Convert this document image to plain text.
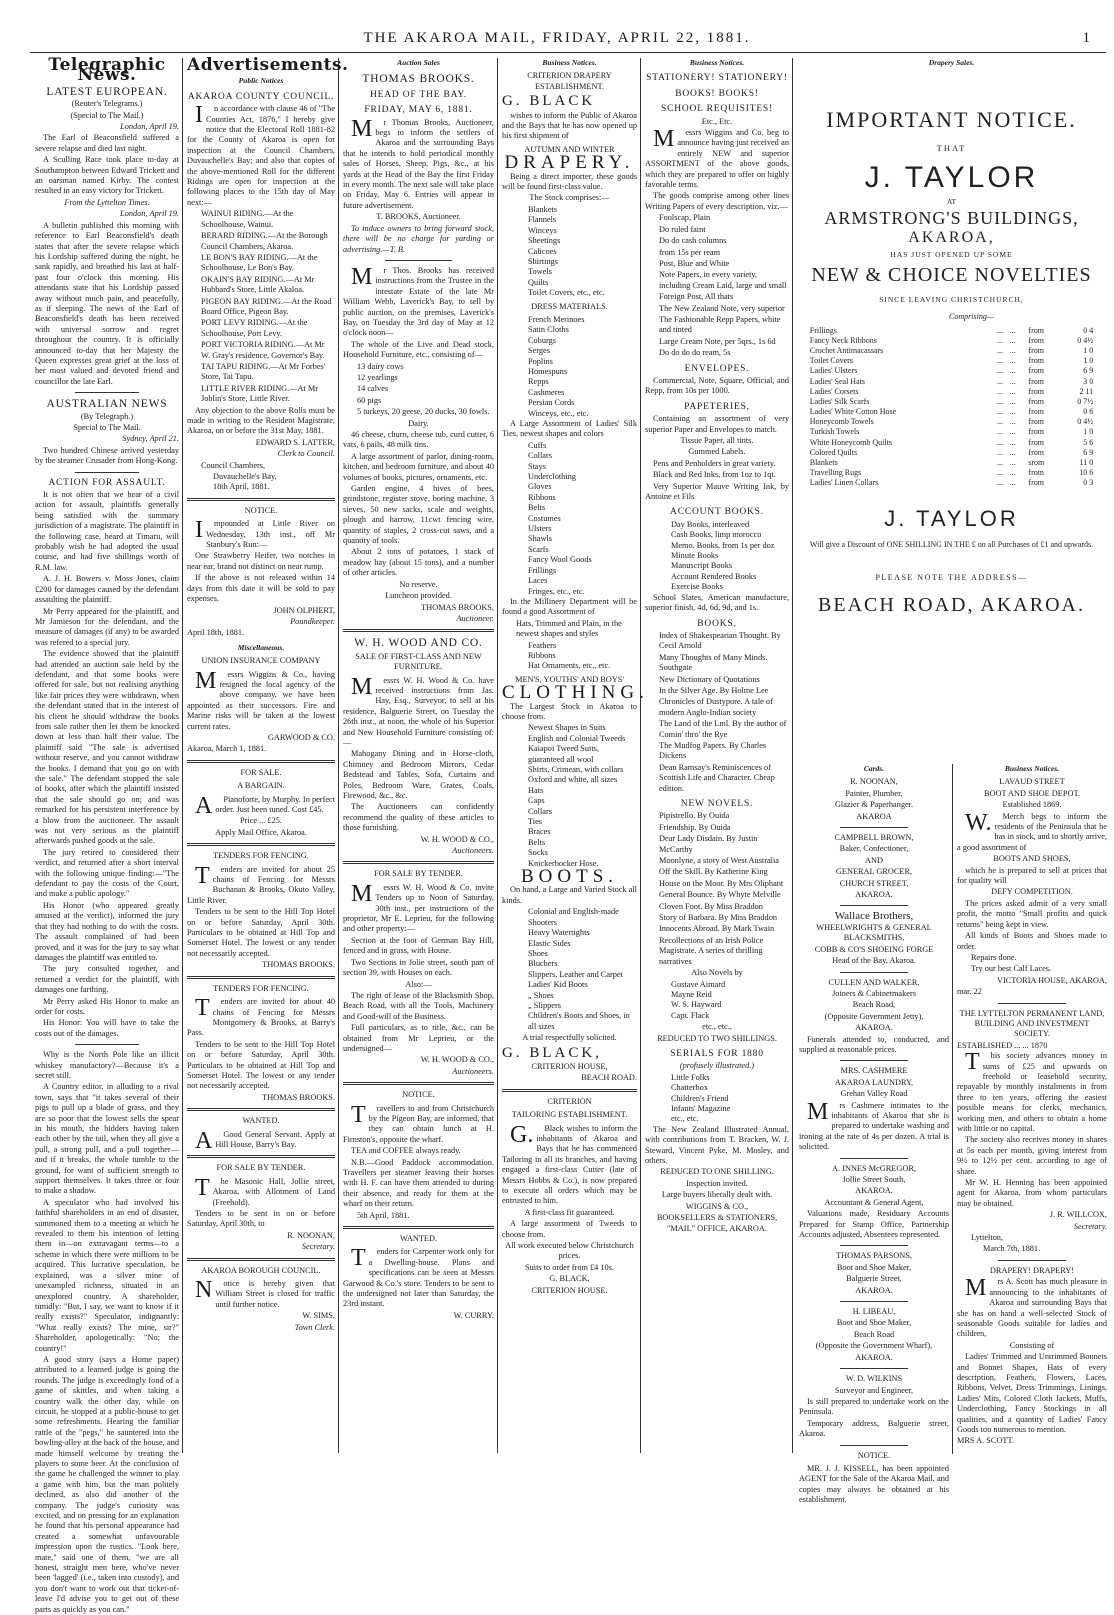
THE AKAROA MAIL, FRIDAY, APRIL 22, 1881.	1
Telegraphic News.
LATEST EUROPEAN.
(Reuter's Telegrams.)
(Special to The Mail.)
London, April 19.

The Earl of Beaconsfield suffered a severe relapse and died last night.

A Sculling Race took place to-day at Southampton between Edward Trickett and an oarsman named Kirby. The contest resulted in an easy victory for Trickett.

From the Lyttelton Times.
London, April 19.

A bulletin published this morning with reference to Earl Beaconsfield's death states that after the severe relapse which his Lordship suffered during the night, he sank rapidly, and breathed his last at half-past four o'clock this morning. His attendants state that his Lordship passed away without much pain, and peacefully, as if sleeping. The news of the Earl of Beaconsfield's death has been received with universal sorrow and regret throughout the country. It is officially announced to-day that her Majesty the Queen expresses great grief at the loss of her most valued and devoted friend and councillor the late Earl.

AUSTRALIAN NEWS
(By Telegraph.)
Special to The Mail.
Sydney, April 21.

Two hundred Chinese arrived yesterday by the steamer Crusader from Hong-Kong.

ACTION FOR ASSAULT.

It is not often that we hear of a civil action for assault, plaintiffs generally being satisfied with the summary jurisdiction of a magistrate. The plaintiff in the following case, heard at Timaru, will probably wish he had adopted the usual course, and had five shillings worth of R.M. law.

A. J. H. Bowers v. Moss Jones, claim £200 for damages caused by the defendant assaulting the plaintiff.

Mr Perry appeared for the plaintiff, and Mr Jamieson for the defendant, and the measure of damages (if any) to be awarded was refered to a special jury.

The evidence showed that the plaintiff had attended an auction sale held by the defendant, and that some books were offered for sale, but not realising anything like fair prices they were withdrawn, when the defendant stated that in the interest of his client he should withdraw the books from sale rather then let them be knocked down at less than half their value. The plaintiff said "The sale is advertised without reserve, and you cannot withdraw the books. I demand that you go on with the sale." The defendant stopped the sale of books, after which the plaintiff insisted that the sale should go on; and was remarked for his persistent interference by a blow from the auctioneer. The assault was not very serious as the plaintiff afterwards pushed goods at the sale.

The jury retired to considered their verdict, and returned after a short interval with the following unique finding:—"The defendant to pay the costs of the Court, and make a public apology."

His Honor (who appeared greatly amused at the verdict), informed the jury that they had nothing to do with the costs. The assault complained of had been proved, and it was for the jury to say what damages the plaintiff was entitled to.

The jury consulted together, and returned a verdict for the plaintiff, with damages one farthing.

Mr Perry asked His Honor to make an order for costs.

His Honor: You will have to take the costs out of the damages.

Why is the North Pole like an illicit whiskey manufactory?—Because it's a secret still.

A Country editor, in alluding to a rival town, says that "it takes several of their pigs to pull up a blade of grass, and they are so poor that the lowest sells the spear in his mouth, the bidders having taken each other by the tail, when they all give a pull, a strong pull, and a pull together—and if it breaks, the whole tumble to the ground, for want of sufficient strength to support themselves. It takes three or four to make a shadow.

A speculator who had involved his faithful shareholders in an end of disaster, summoned them to a meeting at which he revealed to them his intention of letting them in—on extravagant terms—to a scheme in which there were millions to be acquired. This lucrative speculation, he explained, was a silver mine of unexampled richness, situated in an unexplored country. A shareholder, timidly: "But, I say, we want to know if it really exists?" Speculator, indignantly: "What really exists? The mine, sir?" Shareholder, apologetically: "No; the country!"

A good story (says a Home paper) attributed to a learned judge is going the rounds. The judge is exceedingly fond of a game of skittles, and when taking a country walk the other day, while on circuit, he stopped at a public-house to get some refreshments. Hearing the familiar rattle of the "pegs," he sauntered into the bowling-alley at the back of the house, and made himself welcome by treating the players to some beer. At the conclusion of the game he challenged the winner to play a game with him, but the man politely declined, as also did another of the company. The judge's curiosity was excited, and on pressing for an explanation he found that his personal appearance had created a somewhat unfavourable impression upon the rustics. "Look here, mate," said one of them, "we are all honest, straight men here, who've never been 'lagged' (i.e., taken into custody), and you don't want to work out that ticket-of-leave I'd advise you to get out of these parts as quickly as you can."

Advertisements.
Public Notices
AKAROA COUNTY COUNCIL.

In accordance with clause 46 of "The Counties Act, 1876," I hereby give notice that the Electoral Roll 1881-82 for the County of Akaroa is open for inspection at the Council Chambers, Duvauchelle's Bay; and also that copies of the above-mentioned Roll for the different Ridings are open for inspection at the following places to the 15th day of May next:—

WAINUI RIDING.—At the Schoolhouse, Wainui.
BERARD RIDING.—At the Borough Council Chambers, Akaroa.
LE BON'S BAY RIDING.—At the Schoolhouse, Le Bon's Bay.
OKAIN'S BAY RIDING.—At Mr Hubbard's Store, Little Akaloa.
PIGEON BAY RIDING.—At the Road Board Office, Pigeon Bay.
PORT LEVY RIDING.—At the Schoolhouse, Port Levy.
PORT VICTORIA RIDING.—At Mr W. Gray's residence, Governor's Bay.
TAI TAPU RIDING.—At Mr Forbes' Store, Tai Tapu.
LITTLE RIVER RIDING.—At Mr Joblin's Store, Little River.

Any objection to the above Rolls must be made in writing to the Resident Magistrate, Akaroa, on or before the 31st May, 1881.

EDWARD S. LATTER,
Clerk to Council.
Council Chambers,
Duvauchelle's Bay,
18th April, 1881.
NOTICE.

Impounded at Little River on Wednesday, 13th inst., off Mr Stanbury's Run:—

One Strawberry Heifer, two notches in near ear, brand not distinct on near rump.

If the above is not released within 14 days from this date it will be sold to pay expenses.

JOHN OLPHERT,
Poundkeeper.
April 18th, 1881.
Miscellaneous.
UNION INSURANCE COMPANY

Messrs Wiggins & Co., having resigned the local agency of the above company, we have been appointed as their successors. Fire and Marine risks will be taken at the lowest current rates.

GARWOOD & CO.
Akaroa, March 1, 1881.
FOR SALE.
A BARGAIN.

APianoforte, by Murphy. In perfect order. Just been tuned. Cost £45.

Price ... £25.
Apply Mail Office, Akaroa.
TENDERS FOR FENCING.

Tenders are invited for about 25 chains of Fencing for Messrs Buchanan & Brooks, Okuto Valley, Little River.

Tenders to be sent to the Hill Top Hotel on or before Saturday, April 30th. Particulars to be obtained at Hill Top and Somerset Hotel. The lowest or any tender not necessarily accepted.

THOMAS BROOKS.
TENDERS FOR FENCING.

Tenders are invited for about 40 chains of Fencing for Messrs Montgomery & Brooks, at Barry's Pass.

Tenders to be sent to the Hill Top Hotel on or before Saturday, April 30th. Particulars to be obtained at Hill Top and Somerset Hotel. The lowest or any tender not necessarily accepted.

THOMAS BROOKS.
WANTED.

AGood General Servant. Apply at Hill House, Barry's Bay.

FOR SALE BY TENDER.

The Masonic Hall, Jollie street, Akaroa, with Allotment of Land (Freehold).

Tenders to be sent in on or before Saturday, April 30th, to

R. NOONAN,
Secretary.
AKAROA BOROUGH COUNCIL.

Notice is hereby given that William Street is closed for traffic until further notice.

W. SIMS,
Town Clerk.
Auction Sales
THOMAS BROOKS.
HEAD OF THE BAY.
FRIDAY, MAY 6, 1881.

Mr Thomas Brooks, Auctioneer, begs to inform the settlers of Akaroa and the surrounding Bays that he intends to hold periodical monthly sales of Horses, Sheep, Pigs, &c., at his yards at the Head of the Bay the first Friday in every month. The next sale will take place on Friday, May 6. Entries will appear in future advertisement.

T. BROOKS, Auctioneer.

To induce owners to bring forward stock, there will be no charge for yarding or advertising.—T. B.

Mr Thos. Brooks has received instructions from the Trustee in the intestate Estate of the late Mr William Webb, Laverick's Bay, to sell by public auction, on the premises, Laverick's Bay, on Tuesday the 3rd day of May at 12 o'clock noon—

The whole of the Live and Dead stock, Household Furniture, etc., consisting of—

13 dairy cows
12 yearlings
14 calves
60 pigs
5 turkeys, 20 geese, 20 ducks, 30 fowls.
Dairy.

46 cheese, churn, cheese tub, curd cutter, 6 vats, 6 pails, 48 milk tins.

A large assortment of parlor, dining-room, kitchen, and bedroom furniture, and about 40 volumes of books, pictures, ornaments, etc.

Garden engine, 4 hives of bees, grindstone, register stove, boring machine, 3 sieves, 50 new sacks, scale and weights, plough and harrow, 11cwt fencing wire, quantity of staples, 2 cross-cut saws, and a quantity of tools.

About 2 tons of potatoes, 1 stack of meadow hay (about 15 tons), and a number of other articles.

No reserve.
Luncheon provided.
THOMAS BROOKS,
Auctioneer.
W. H. WOOD AND CO.
SALE OF FIRST-CLASS AND NEW FURNITURE.

Messrs W. H. Wood & Co. have received instructions from Jas. Hay, Esq., Surveyor, to sell at his residence, Balguerie Street, on Tuesday the 26th inst., at noon, the whole of his Superior and New Household Furniture consisting of:—

Mahogany Dining and in Horse-cloth, Chimney and Bedroom Mirrors, Cedar Bedstead and Tables, Sofa, Curtains and Poles, Bedroom Ware, Grates, Coals, Firewood, &c., &c.

The Auctioneers can confidently recommend the quality of these articles to those furnishing.

W. H. WOOD & CO.,
Auctioneers.
FOR SALE BY TENDER.

Messrs W. H. Wood & Co. invite Tenders up to Noon of Saturday, 30th inst., per instructions of the proprietor, Mr E. Leprieu, for the following and other property:—

Section at the foot of German Bay Hill, fenced and in grass, with House.

Two Sections in Jolie street, south part of section 39, with Houses on each.

Also:—

The right of lease of the Blacksmith Shop, Beach Road, with all the Tools, Machinery and Good-will of the Business.

Full particulars, as to title, &c., can be obtained from Mr Leprieu, or the undersigned—

W. H. WOOD & CO.,
Auctioneers.
NOTICE.

Travellers to and from Christchurch by the Pigeon Bay, are informed, that they can obtain lunch at H. Firnston's, opposite the wharf.

TEA and COFFEE always ready.

N.B.—Good Paddock accommodation. Travellers per steamer leaving their horses with H. F. can have them attended to during their absence, and ready for them at the wharf on their return.

5th April, 1881.
WANTED.

Tenders for Carpenter work only for a Dwelling-house. Plans and specifications can be seen at Messrs Garwood & Co.'s store. Tenders to be sent to the undersigned not later than Saturday, the 23rd instant.

W. CURRY.
Business Notices.
CRITERION DRAPERY ESTABLISHMENT.
G. BLACK

wishes to inform the Public of Akaroa and the Bays that he has now opened up his first shipment of

AUTUMN AND WINTER
DRAPERY.

Being a direct importer, these goods will be found first-class value.

The Stock comprises:—
Blankets
Flannels
Winceys
Sheetings
Calicoes
Shirtings
Towels
Quilts
Toilet Covers, etc., etc.
DRESS MATERIALS.
French Merinoes
Satin Cloths
Coburgs
Serges
Poplins
Homespuns
Repps
Cashmeres
Persian Cords
Winceys, etc., etc.

A Large Assortment of Ladies' Silk Ties, newest shapes and colors

Cuffs
Collars
Stays
Underclothing
Gloves
Ribbons
Belts
Costumes
Ulsters
Shawls
Scarfs
Fancy Wool Goods
Frillings
Laces
Fringes, etc., etc.

In the Millinery Department will be found a good Assortment of

Hats, Trimmed and Plain, in the newest shapes and styles
Feathers
Ribbons
Hat Ornaments, etc., etc.
MEN'S, YOUTHS' AND BOYS'
CLOTHING.

The Largest Stock in Akaroa to choose from.

Newest Shapes in Suits
English and Colonial Tweeds
Kaiapoi Tweed Suits, guaranteed all wool
Shirts, Crimean, with collars
Oxford and white, all sizes
Hats
Caps
Collars
Ties
Braces
Belts
Socks
Knickerbocker Hose.
BOOTS.

On hand, a Large and Varied Stock all kinds.

Colonial and English-made Shooters
Heavy Watertights
Elastic Sides
Shoes
Bluchers
Slippers, Leather and Carpet
Ladies' Kid Boots
„ Shoes
„ Slippers
Children's Boots and Shoes, in all sizes
A trial respectfully solicited.
G. BLACK,
CRITERION HOUSE,
BEACH ROAD.
CRITERION
TAILORING ESTABLISHMENT.

G.Black wishes to inform the inhabitants of Akaroa and Bays that he has commenced Tailoring in all its branches, and having engaged a first-class Cutter (late of Messrs Hobbs & Co.), is now prepared to execute all orders which may be entrusted to him.

A first-class fit guaranteed.

A large assortment of Tweeds to choose from.

All work executed below Christchurch prices.
Suits to order from £4 10s.
G. BLACK,
CRITERION HOUSE.
Business Notices.
STATIONERY! STATIONERY!
BOOKS! BOOKS!
SCHOOL REQUISITES!
Etc., Etc.

Messrs Wiggins and Co. beg to announce having just received an entirely NEW and superior ASSORTMENT of the above goods, which they are prepared to offer on highly favorable terms.

The goods comprise among other lines Writing Papers of every description, viz.—

Foolscap, Plain
Do ruled faint
Do do cash columns
from 15s per ream
Post, Blue and White
Note Papers, in every variety, including Cream Laid, large and small
Foreign Post, All thats
The New Zealand Note, very superior
The Fashionable Repp Papers, white and tinted
Large Cream Note, per 5qrs., 1s 6d
Do do do do ream, 5s
ENVELOPES.

Commercial, Note, Square, Official, and Repp, from 10s per 1000.

PAPETERIES,

Containing an assortment of very superior Paper and Envelopes to match.

Tissue Paper, all tints.
Gummed Labels.

Pens and Penholders in great variety.

Black and Red Inks, from 1oz to 1qt.

Very Superior Mauve Writing Ink, by Antoine et Fils

ACCOUNT BOOKS.
Day Books, interleaved
Cash Books, limp morocco
Memo. Books, from 1s per doz
Minute Books
Manuscript Books
Account Rendered Books
Exercise Books

School Slates, American manufacture, superior finish, 4d, 6d, 9d, and 1s.

BOOKS.
Index of Shakespearian Thought. By Cecil Arnold
Many Thoughts of Many Minds. Southgate
New Dictionary of Quotations
In the Silver Age. By Holme Lee
Chronicles of Dustypore. A tale of modern Anglo-Indian society
The Land of the Lml. By the author of Comin' thro' the Rye
The Mudfog Papers. By Charles Dickens
Dean Ramsay's Reminiscences of Scottish Life and Character. Cheap edition.
NEW NOVELS.
Pipistrello. By Ouida
Friendship. By Ouida
Dear Lady Disdain. By Justin McCarthy
Moonlyne, a story of West Australia
Off the Skill. By Katherine King
House on the Moor. By Mrs Oliphant
General Bounce. By Whyte Melville
Cloven Foot. By Miss Braddon
Story of Barbara. By Miss Braddon
Innocents Abroad. By Mark Twain
Recollections of an Irish Police Magistrate. A series of thrilling narratives
Also Novels by
Gustave Aimard
Mayne Reid
W. S. Hayward
Capt. Flack
etc., etc.,
REDUCED TO TWO SHILLINGS.
SERIALS FOR 1880
(profusely illustrated.)
Little Folks
Chatterbox
Children's Friend
Infants' Magazine
etc., etc.

The New Zealand Illustrated Annual, with contributions from T. Bracken, W. J. Steward, Vincent Pyke, M. Mosley, and others.

REDUCED TO ONE SHILLING.
Inspection invited.
Large buyers liberally dealt with.
WIGGINS & CO.,
BOOKSELLERS & STATIONERS,
"MAIL" OFFICE, AKAROA.
Drapery Sales.
IMPORTANT NOTICE.
THAT
J. TAYLOR
AT
ARMSTRONG'S BUILDINGS,
AKAROA,
HAS JUST OPENED UP SOME
NEW & CHOICE NOVELTIES
SINCE LEAVING CHRISTCHURCH,
Comprising—
Frillings	...	...	from	0 4
Fancy Neck Ribbons	...	...	from	0 4½
Crochet Antimacassars	...	...	from	1 0
Toilet Covers	...	...	from	1 0
Ladies' Ulsters	...	...	from	6 9
Ladies' Seal Hats	...	...	from	3 0
Ladies' Corsets	...	...	from	2 11
Ladies' Silk Scarfs	...	...	from	0 7½
Ladies' White Cotton Hose	...	...	from	0 6
Honeycomb Towels	...	...	from	0 4½
Turkish Towels	...	...	from	1 0
White Honeycomb Quilts	...	...	from	5 6
Colored Quilts	...	...	from	6 9
Blankets	...	...	srom	11 0
Travelling Rugs	...	...	from	10 6
Ladies' Linen Collars	...	...	from	0 3
J. TAYLOR
Will give a Discount of ONE SHILLING IN THE £ on all Purchases of £1 and upwards.
PLEASE NOTE THE ADDRESS—
BEACH ROAD, AKAROA.
Cards.
R. NOONAN,
Painter, Plumber,
Glazier & Paperhanger.
AKAROA
CAMPBELL BROWN,
Baker, Confectioner,
AND
GENERAL GROCER,
CHURCH STREET,
AKAROA.
Wallace Brothers,
WHEELWRIGHTS & GENERAL BLACKSMITHS,
COBB & CO'S SHOEING FORGE
Head of the Bay, Akaroa.
CULLEN AND WALKER,
Joiners & Cabinetmakers
Beach Road,
(Opposite Government Jetty),
AKAROA.

Funerals attended to, conducted, and supplied at reasonable prices.

MRS. CASHMERE
AKAROA LAUNDRY,
Grehan Valley Road

Mrs Cashmere intimates to the inhabitants of Akaroa that she is prepared to undertake washing and ironing at the rate of 4s per dozen. A trial is solicited.

A. INNES McGREGOR,
Jollie Street South,
AKAROA.
Accountant & General Agent,

Valuations made, Residuary Accounts Prepared for Stamp Office, Partnership Accounts adjusted, Absentees represented.

THOMAS PARSONS,
Boot and Shoe Maker,
Balguerie Street,
AKAROA.
H. LIBEAU,
Boot and Shoe Maker,
Beach Road
(Opposite the Government Wharf),
AKAROA.
W. D. WILKINS
Surveyor and Engineer,

Is still prepared to undertake work on the Peninsula.

Temporary address, Balguerie street, Akaroa.

NOTICE.

MR. J. J. KISSELL, has been appointed AGENT for the Sale of the Akaroa Mail, and copies may always be obtained at his establishment.

Business Notices.
LAVAUD STREET
BOOT AND SHOE DEPOT.
Established 1869.

W.Merch begs to inform the residents of the Peninsula that he has in stock, and to shortly arrive, a good assortment of

BOOTS AND SHOES,

which he is prepared to sell at prices that for quality will

DEFY COMPETITION.

The prices asked admit of a very small profit, the motto "Small profits and quick returns" being kept in view.

All kinds of Boots and Shoes made to order.

Repairs done.
Try our best Calf Laces.
VICTORIA HOUSE, AKAROA,
mar. 22
THE LYTTELTON PERMANENT LAND, BUILDING AND INVESTMENT SOCIETY.
ESTABLISHED ... ... 1870

This society advances money in sums of £25 and upwards on freehold or leasehold security, repayable by monthly instalments in from three to ten years, offering the easiest possible means for clerks, mechanics, working men, and others to obtain a home with little or no capital.

The society also receives money in shares at 5s each per month, giving interest from 9½ to 12½ per cent. according to age of share.

Mr W. H. Henning has been appointed agent for Akaroa, from whom particulars may be obtained.

J. R. WILLCOX,
Secretary.
Lyttelton,
March 7th, 1881.
DRAPERY! DRAPERY!

Mrs A. Scott has much pleasure in announcing to the inhabitants of Akaroa and surrounding Bays that she has on hand a well-selected Stock of seasonable Goods suitable for ladies and children,

Consisting of

Ladies' Trimmed and Untrimmed Bonnets and Bonnet Shapes, Hats of every description, Feathers, Flowers, Laces, Ribbons, Velvet, Dress Trimmings, Linings, Ladies' Mits, Colored Cloth Jackets, Muffs, Underclothing, Fancy Stockings in all qualities, and a quantity of Ladies' Fancy Goods too numerous to mention.

MRS A. SCOTT.
